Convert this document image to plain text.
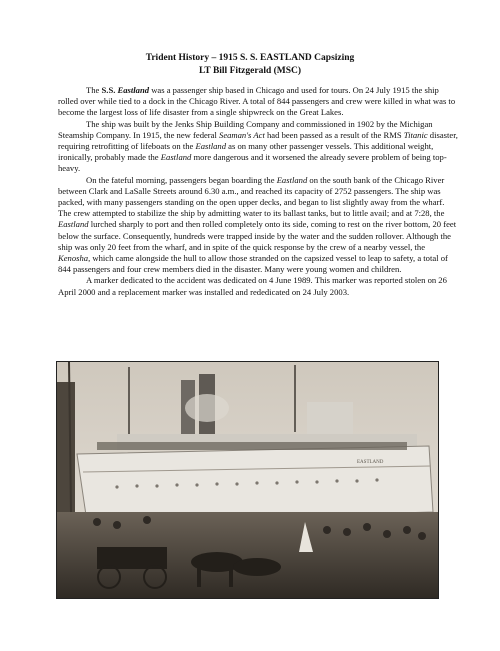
Trident History – 1915 S. S. EASTLAND Capsizing
LT Bill Fitzgerald (MSC)

The S.S. Eastland was a passenger ship based in Chicago and used for tours. On 24 July 1915 the ship rolled over while tied to a dock in the Chicago River. A total of 844 passengers and crew were killed in what was to become the largest loss of life disaster from a single shipwreck on the Great Lakes.

The ship was built by the Jenks Ship Building Company and commissioned in 1902 by the Michigan Steamship Company. In 1915, the new federal Seaman's Act had been passed as a result of the RMS Titanic disaster, requiring retrofitting of lifeboats on the Eastland as on many other passenger vessels. This additional weight, ironically, probably made the Eastland more dangerous and it worsened the already severe problem of being top-heavy.

On the fateful morning, passengers began boarding the Eastland on the south bank of the Chicago River between Clark and LaSalle Streets around 6.30 a.m., and reached its capacity of 2752 passengers. The ship was packed, with many passengers standing on the open upper decks, and began to list slightly away from the wharf. The crew attempted to stabilize the ship by admitting water to its ballast tanks, but to little avail; and at 7:28, the Eastland lurched sharply to port and then rolled completely onto its side, coming to rest on the river bottom, 20 feet below the surface. Consequently, hundreds were trapped inside by the water and the sudden rollover. Although the ship was only 20 feet from the wharf, and in spite of the quick response by the crew of a nearby vessel, the Kenosha, which came alongside the hull to allow those stranded on the capsized vessel to leap to safety, a total of 844 passengers and four crew members died in the disaster. Many were young women and children.

A marker dedicated to the accident was dedicated on 4 June 1989. This marker was reported stolen on 26 April 2000 and a replacement marker was installed and rededicated on 24 July 2003.

EASTLAND
